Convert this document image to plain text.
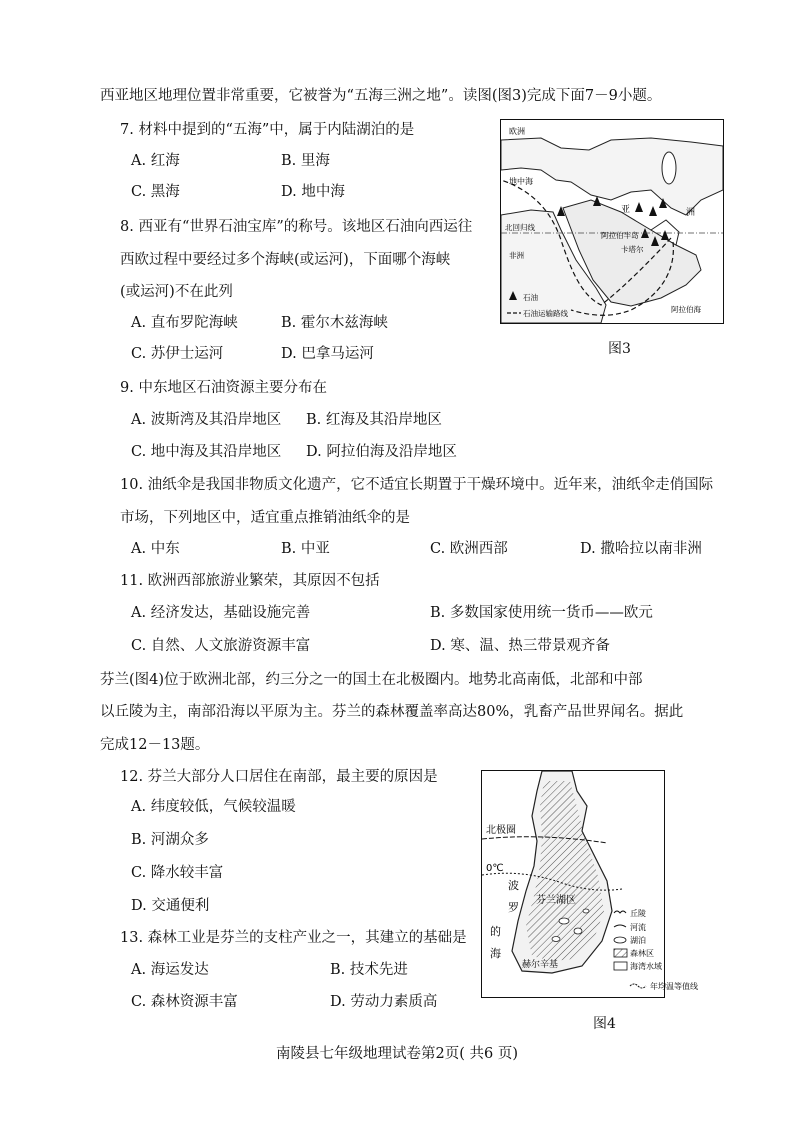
西亚地区地理位置非常重要，它被誉为“五海三洲之地”。读图(图3)完成下面7－9小题。
7. 材料中提到的“五海”中，属于内陆湖泊的是
A. 红海	B. 里海
C. 黑海	D. 地中海
8. 西亚有“世界石油宝库”的称号。该地区石油向西运往
西欧过程中要经过多个海峡(或运河)，下面哪个海峡
(或运河)不在此列
A. 直布罗陀海峡	B. 霍尔木兹海峡
C. 苏伊士运河	D. 巴拿马运河
欧洲
地中海
亚	洲
阿拉伯半岛
卡塔尔
北回归线
非洲
阿拉伯海
石油
石油运输路线
图3
9. 中东地区石油资源主要分布在
A. 波斯湾及其沿岸地区 B. 红海及其沿岸地区
C. 地中海及其沿岸地区 D. 阿拉伯海及沿岸地区
10. 油纸伞是我国非物质文化遗产，它不适宜长期置于干燥环境中。近年来，油纸伞走俏国际
市场，下列地区中，适宜重点推销油纸伞的是
A. 中东	B. 中亚	C. 欧洲西部	D. 撒哈拉以南非洲
11. 欧洲西部旅游业繁荣，其原因不包括
A. 经济发达，基础设施完善	B. 多数国家使用统一货币——欧元
C. 自然、人文旅游资源丰富	D. 寒、温、热三带景观齐备
芬兰(图4)位于欧洲北部，约三分之一的国土在北极圈内。地势北高南低，北部和中部
以丘陵为主，南部沿海以平原为主。芬兰的森林覆盖率高达80%，乳畜产品世界闻名。据此
完成12－13题。
12. 芬兰大部分人口居住在南部，最主要的原因是
A. 纬度较低，气候较温暖
B. 河湖众多
C. 降水较丰富
D. 交通便利
13. 森林工业是芬兰的支柱产业之一，其建立的基础是
A. 海运发达	B. 技术先进
C. 森林资源丰富	D. 劳动力素质高
北极圈
0℃
波
罗
的
海
芬兰湖区
赫尔辛基
丘陵
河流
湖泊
森林区
海湾水域
年均温等值线
图4
南陵县七年级地理试卷第2页( 共6 页)
